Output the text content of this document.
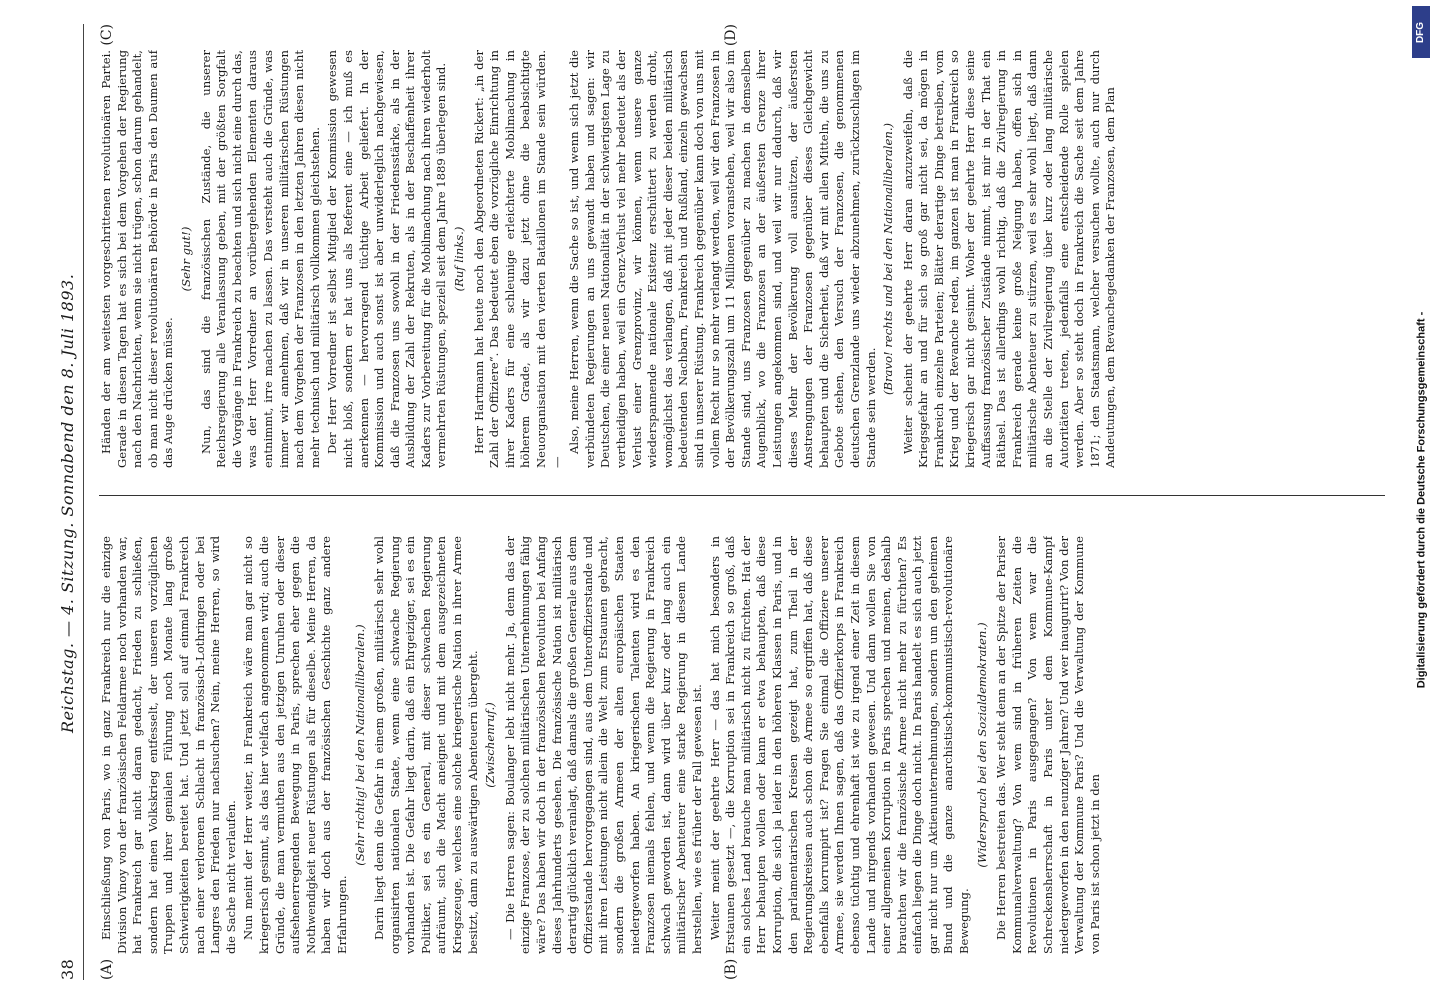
38
Reichstag. — 4. Sitzung. Sonnabend den 8. Juli 1893.
(A)	(B)
(C)	(D)

Einschließung von Paris, wo in ganz Frankreich nur die einzige Division Vinoy von der französischen Feldarmee noch vorhanden war, hat Frankreich gar nicht daran gedacht, Frieden zu schließen, sondern hat einen Volkskrieg entfesselt, der unseren vorzüglichen Truppen und ihrer genialen Führung noch Monate lang große Schwierigkeiten bereitet hat. Und jetzt soll auf einmal Frankreich nach einer verlorenen Schlacht in französisch-Lothringen oder bei Langres den Frieden nur nachsuchen? Nein, meine Herren, so wird die Sache nicht verlaufen. Nun meint der Herr weiter, in Frankreich wäre man gar nicht so kriegerisch gesinnt, als das hier vielfach angenommen wird; auch die Gründe, die man vermuthen aus den jetzigen Unruhen oder dieser aufsehenerregenden Bewegung in Paris, sprechen eher gegen die Nothwendigkeit neuer Rüstungen als für dieselbe. Meine Herren, da haben wir doch aus der französischen Geschichte ganz andere Erfahrungen.

(Sehr richtig! bei den Nationalliberalen.) Darin liegt denn die Gefahr in einem großen, militärisch sehr wohl organisirten nationalen Staate, wenn eine schwache Regierung vorhanden ist. Die Gefahr liegt darin, daß ein Ehrgeiziger, sei es ein Politiker, sei es ein General, mit dieser schwachen Regierung aufräumt, sich die Macht aneignet und mit dem ausgezeichneten Kriegszeuge, welches eine solche kriegerische Nation in ihrer Armee besitzt, dann zu auswärtigen Abenteuern übergeht. (Zwischenruf.) — Die Herren sagen: Boulanger lebt nicht mehr. Ja, denn das der einzige Franzose, der zu solchen militärischen Unternehmungen fähig wäre? Das haben wir doch in der französischen Revolution bei Anfang dieses Jahrhunderts gesehen. Die französische Nation ist militärisch derartig glücklich veranlagt, daß damals die großen Generale aus dem Offizierstande hervorgegangen sind, aus dem Unteroffizierstande und mit ihren Leistungen nicht allein die Welt zum Erstaunen gebracht, sondern die großen Armeen der alten europäischen Staaten niedergeworfen haben. An kriegerischen Talenten wird es den Franzosen niemals fehlen, und wenn die Regierung in Frankreich schwach geworden ist, dann wird über kurz oder lang auch ein militärischer Abenteurer eine starke Regierung in diesem Lande herstellen, wie es früher der Fall gewesen ist. Weiter meint der geehrte Herr — das hat mich besonders in Erstaunen gesetzt —, die Korruption sei in Frankreich so groß, daß ein solches Land brauche man militärisch nicht zu fürchten. Hat der Herr behaupten wollen oder kann er etwa behaupten, daß diese Korruption, die sich ja leider in den höheren Klassen in Paris, und in den parlamentarischen Kreisen gezeigt hat, zum Theil in der Regierungskreisen auch schon die Armee so ergriffen hat, daß diese ebenfalls korrumpirt ist? Fragen Sie einmal die Offiziere unserer Armee, sie werden Ihnen sagen, daß das Offizierkorps in Frankreich ebenso tüchtig und ehrenhaft ist wie zu irgend einer Zeit in diesem Lande und nirgends vorhanden gewesen. Und dann wollen Sie von einer allgemeinen Korruption in Paris sprechen und meinen, deshalb brauchten wir die französische Armee nicht mehr zu fürchten? Es einfach liegen die Dinge doch nicht. In Paris handelt es sich auch jetzt gar nicht nur um Aktienunternehmungen, sondern um den geheimen Bund und die ganze anarchistisch-kommunistisch-revolutionäre Bewegung.

(Widerspruch bei den Sozialdemokraten.) Die Herren bestreiten das. Wer steht denn an der Spitze der Pariser Kommunalverwaltung? Von wem sind in früheren Zeiten die Revolutionen in Paris ausgegangen? Von wem war die Schreckensherrschaft in Paris unter dem Kommune-Kampf niedergeworfen in den neunziger Jahren? Und wer inaugurirt? Von der Verwaltung der Kommune Paris? Und die Verwaltung der Kommune von Paris ist schon jetzt in den

Händen der am weitesten vorgeschrittenen revolutionären Partei. Gerade in diesen Tagen hat es sich bei dem Vorgehen der Regierung nach den Nachrichten, wenn sie nicht trügen, schon darum gehandelt, ob man nicht dieser revolutionären Behörde in Paris den Daumen auf das Auge drücken müsse.

(Sehr gut!) Nun, das sind die französischen Zustände, die unserer Reichsregierung alle Veranlassung geben, mit der größten Sorgfalt die Vorgänge in Frankreich zu beachten und sich nicht eine durch das, was der Herr Vorredner an vorübergehenden Elementen daraus entnimmt, irre machen zu lassen. Das versteht auch die Gründe, was immer wir annehmen, daß wir in unseren militärischen Rüstungen nach dem Vorgehen der Franzosen in den letzten Jahren diesen nicht mehr technisch und militärisch vollkommen gleichstehen. Der Herr Vorredner ist selbst Mitglied der Kommission gewesen nicht bloß, sondern er hat uns als Referent eine — ich muß es anerkennen — hervorragend tüchtige Arbeit geliefert. In der Kommission und auch sonst ist aber unwiderleglich nachgewiesen, daß die Franzosen uns sowohl in der Friedensstärke, als in der Ausbildung der Zahl der Rekruten, als in der Beschaffenheit ihrer Kaders zur Vorbereitung für die Mobilmachung nach ihren wiederholt vermehrten Rüstungen, speziell seit dem Jahre 1889 überlegen sind. (Ruf links.) Herr Hartmann hat heute noch den Abgeordneten Rickert: „in der Zahl der Offiziere“. Das bedeutet eben die vorzügliche Einrichtung in ihrer Kaders für eine schleunige erleichterte Mobilmachung in höherem Grade, als wir dazu jetzt ohne die beabsichtigte Neuorganisation mit den vierten Bataillonen im Stande sein würden. —

Also, meine Herren, wenn die Sache so ist, und wenn sich jetzt die verbündeten Regierungen an uns gewandt haben und sagen: wir Deutschen, die einer neuen Nationalität in der schwierigsten Lage zu vertheidigen haben, weil ein Grenz-Verlust viel mehr bedeutet als der Verlust einer Grenzprovinz, wir können, wenn unsere ganze wiederspannende nationale Existenz erschüttert zu werden droht, womöglichst das verlangen, daß mit jeder dieser beiden militärisch bedeutenden Nachbarn, Frankreich und Rußland, einzeln gewachsen sind in unserer Rüstung. Frankreich gegenüber kann doch von uns mit vollem Recht nur so mehr verlangt werden, weil wir den Franzosen in der Bevölkerungszahl um 11 Millionen voranstehen, weil wir also im Stande sind, uns Franzosen gegenüber zu machen in demselben Augenblick, wo die Franzosen an der äußersten Grenze ihrer Leistungen angekommen sind, und weil wir nur dadurch, daß wir dieses Mehr der Bevölkerung voll ausnützen, der äußersten Anstrengungen der Franzosen gegenüber dieses Gleichgewicht behaupten und die Sicherheit, daß wir mit allen Mitteln, die uns zu Gebote stehen, den Versuch der Franzosen, die genommenen deutschen Grenzlande uns wieder abzunehmen, zurückzuschlagen im Stande sein werden.

(Bravo! rechts und bei den Nationalliberalen.) Weiter scheint der geehrte Herr daran anzuzweifeln, daß die Kriegsgefahr an und für sich so groß gar nicht sei, da mögen in Frankreich einzelne Parteien; Blätter derartige Dinge betreiben, vom Krieg und der Revanche reden, im ganzen ist man in Frankreich so kriegerisch gar nicht gesinnt. Woher der geehrte Herr diese seine Auffassung französischer Zustände nimmt, ist mir in der That ein Räthsel. Das ist allerdings wohl richtig, daß die Zivilregierung in Frankreich gerade keine große Neigung haben, offen sich in militärische Abenteuer zu stürzen, weil es sehr wohl liegt, daß dann an die Stelle der Zivilregierung über kurz oder lang militärische Autoritäten treten, jedenfalls eine entscheidende Rolle spielen werden. Aber so steht doch in Frankreich die Sache seit dem Jahre 1871; den Staatsmann, welcher versuchen wollte, auch nur durch Andeutungen, dem Revanchegedanken der Franzosen, dem Plan

Digitalisierung gefördert durch die Deutsche Forschungsgemeinschaft -
DFG
